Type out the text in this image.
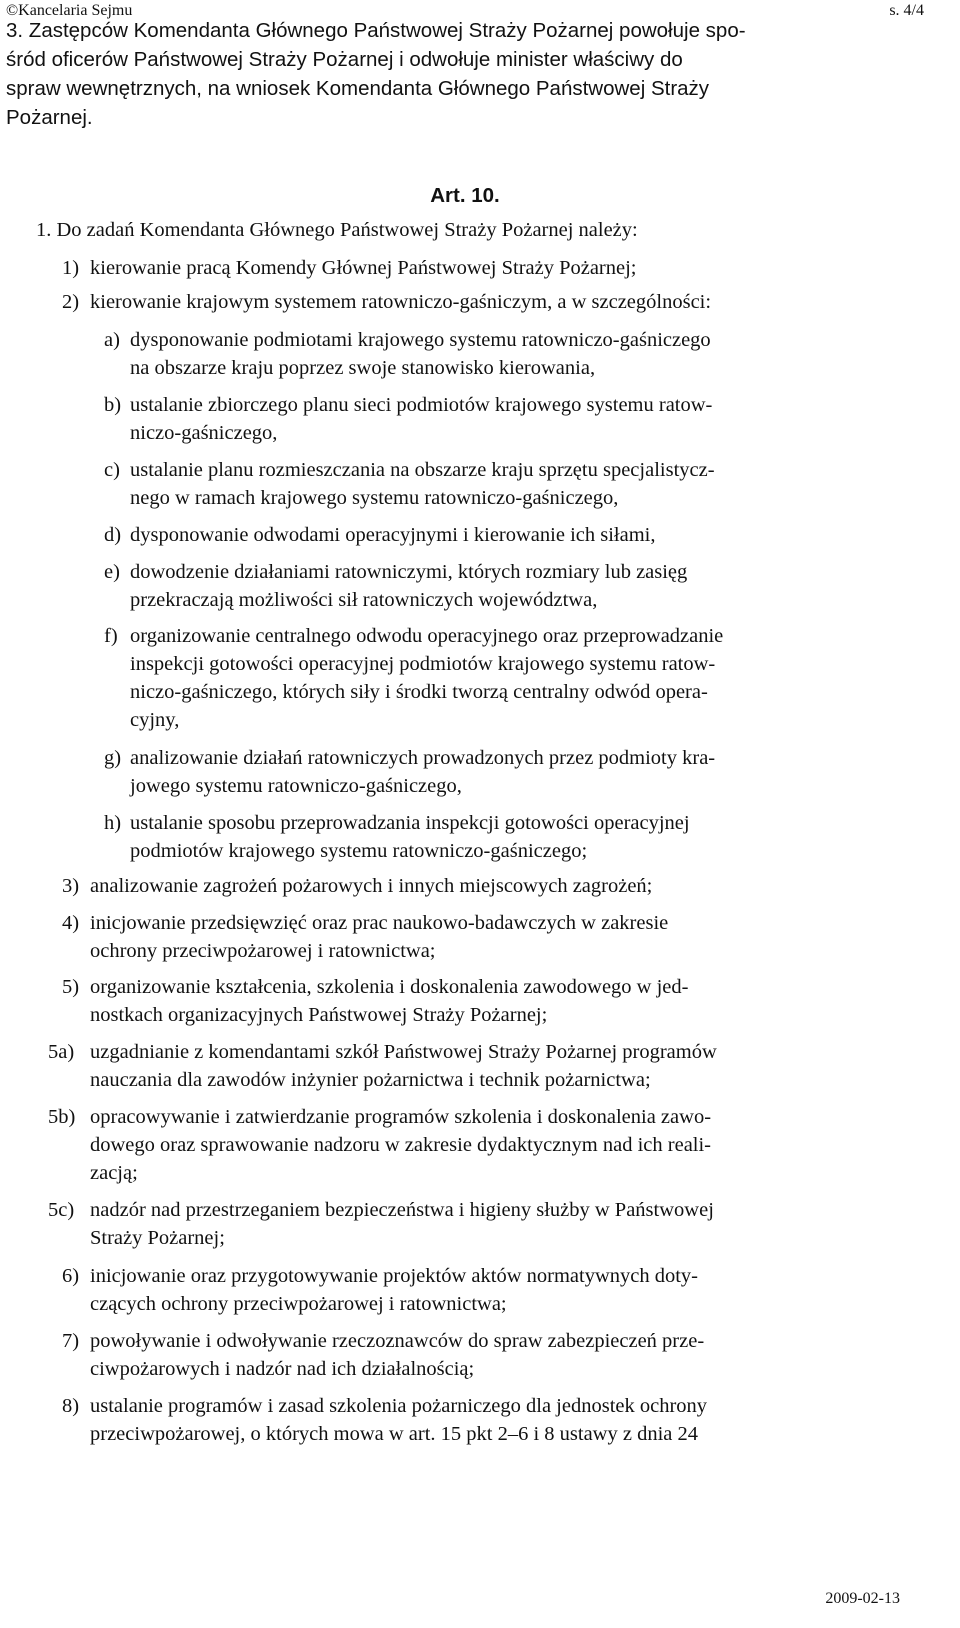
©Kancelaria Sejmu	s. 4/4
3. Zastępców Komendanta Głównego Państwowej Straży Pożarnej powołuje spo-
śród oficerów Państwowej Straży Pożarnej i odwołuje minister właściwy do
spraw wewnętrznych, na wniosek Komendanta Głównego Państwowej Straży
Pożarnej.
Art. 10.
1. Do zadań Komendanta Głównego Państwowej Straży Pożarnej należy:
1) kierowanie pracą Komendy Głównej Państwowej Straży Pożarnej;
2) kierowanie krajowym systemem ratowniczo-gaśniczym, a w szczególności:
a) dysponowanie podmiotami krajowego systemu ratowniczo-gaśniczego
na obszarze kraju poprzez swoje stanowisko kierowania,
b) ustalanie zbiorczego planu sieci podmiotów krajowego systemu ratow-
niczo-gaśniczego,
c) ustalanie planu rozmieszczania na obszarze kraju sprzętu specjalistycz-
nego w ramach krajowego systemu ratowniczo-gaśniczego,
d) dysponowanie odwodami operacyjnymi i kierowanie ich siłami,
e) dowodzenie działaniami ratowniczymi, których rozmiary lub zasięg
przekraczają możliwości sił ratowniczych województwa,
f) organizowanie centralnego odwodu operacyjnego oraz przeprowadzanie
inspekcji gotowości operacyjnej podmiotów krajowego systemu ratow-
niczo-gaśniczego, których siły i środki tworzą centralny odwód opera-
cyjny,
g) analizowanie działań ratowniczych prowadzonych przez podmioty kra-
jowego systemu ratowniczo-gaśniczego,
h) ustalanie sposobu przeprowadzania inspekcji gotowości operacyjnej
podmiotów krajowego systemu ratowniczo-gaśniczego;
3) analizowanie zagrożeń pożarowych i innych miejscowych zagrożeń;
4) inicjowanie przedsięwzięć oraz prac naukowo-badawczych w zakresie
ochrony przeciwpożarowej i ratownictwa;
5) organizowanie kształcenia, szkolenia i doskonalenia zawodowego w jed-
nostkach organizacyjnych Państwowej Straży Pożarnej;
5a) uzgadnianie z komendantami szkół Państwowej Straży Pożarnej programów
nauczania dla zawodów inżynier pożarnictwa i technik pożarnictwa;
5b) opracowywanie i zatwierdzanie programów szkolenia i doskonalenia zawo-
dowego oraz sprawowanie nadzoru w zakresie dydaktycznym nad ich reali-
zacją;
5c) nadzór nad przestrzeganiem bezpieczeństwa i higieny służby w Państwowej
Straży Pożarnej;
6) inicjowanie oraz przygotowywanie projektów aktów normatywnych doty-
czących ochrony przeciwpożarowej i ratownictwa;
7) powoływanie i odwoływanie rzeczoznawców do spraw zabezpieczeń prze-
ciwpożarowych i nadzór nad ich działalnością;
8) ustalanie programów i zasad szkolenia pożarniczego dla jednostek ochrony
przeciwpożarowej, o których mowa w art. 15 pkt 2–6 i 8 ustawy z dnia 24
2009-02-13
